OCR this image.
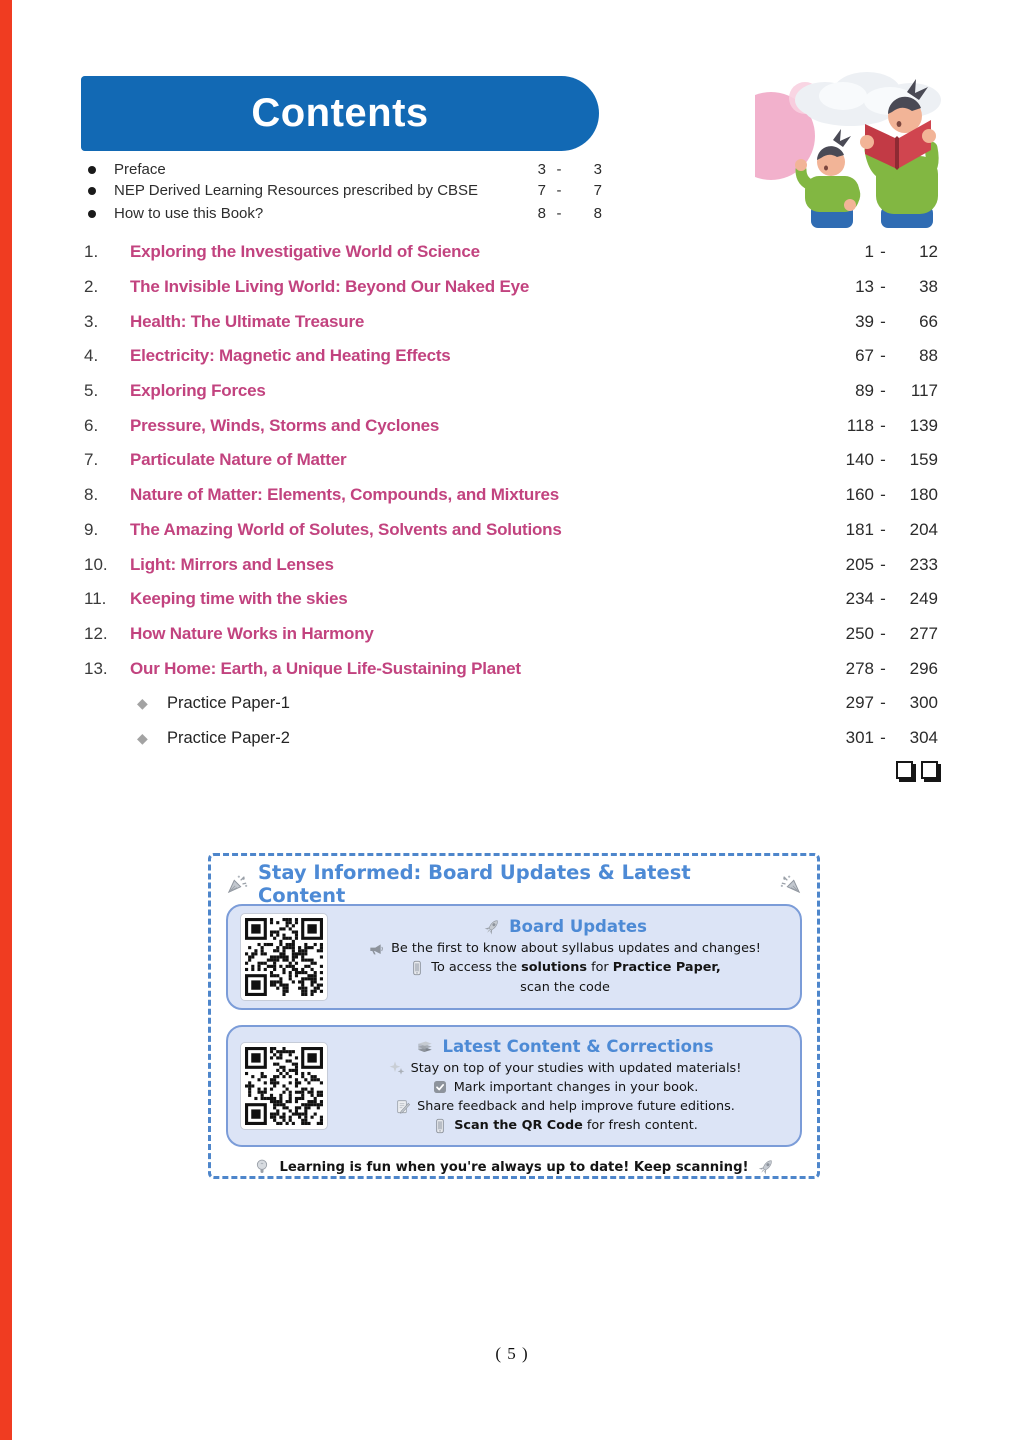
Contents
Preface	3 -	3
NEP Derived Learning Resources prescribed by CBSE	7 -	7
How to use this Book?	8 -	8
1.	Exploring the Investigative World of Science	1 -	12
2.	The Invisible Living World: Beyond Our Naked Eye	13 -	38
3.	Health: The Ultimate Treasure	39 -	66
4.	Electricity: Magnetic and Heating Effects	67 -	88
5.	Exploring Forces	89 -	117
6.	Pressure, Winds, Storms and Cyclones	118 -	139
7.	Particulate Nature of Matter	140 -	159
8.	Nature of Matter: Elements, Compounds, and Mixtures	160 -	180
9.	The Amazing World of Solutes, Solvents and Solutions	181 -	204
10.	Light: Mirrors and Lenses	205 -	233
11.	Keeping time with the skies	234 -	249
12.	How Nature Works in Harmony	250 -	277
13.	Our Home: Earth, a Unique Life-Sustaining Planet	278 -	296
◆	Practice Paper-1	297 -	300
◆	Practice Paper-2	301 -	304
Stay Informed: Board Updates & Latest Content
Board Updates
Be the first to know about syllabus updates and changes!
To access the solutions for Practice Paper,
scan the code
Latest Content & Corrections
Stay on top of your studies with updated materials!
Mark important changes in your book.
Share feedback and help improve future editions.
Scan the QR Code for fresh content.
Learning is fun when you're always up to date! Keep scanning!
( 5 )
